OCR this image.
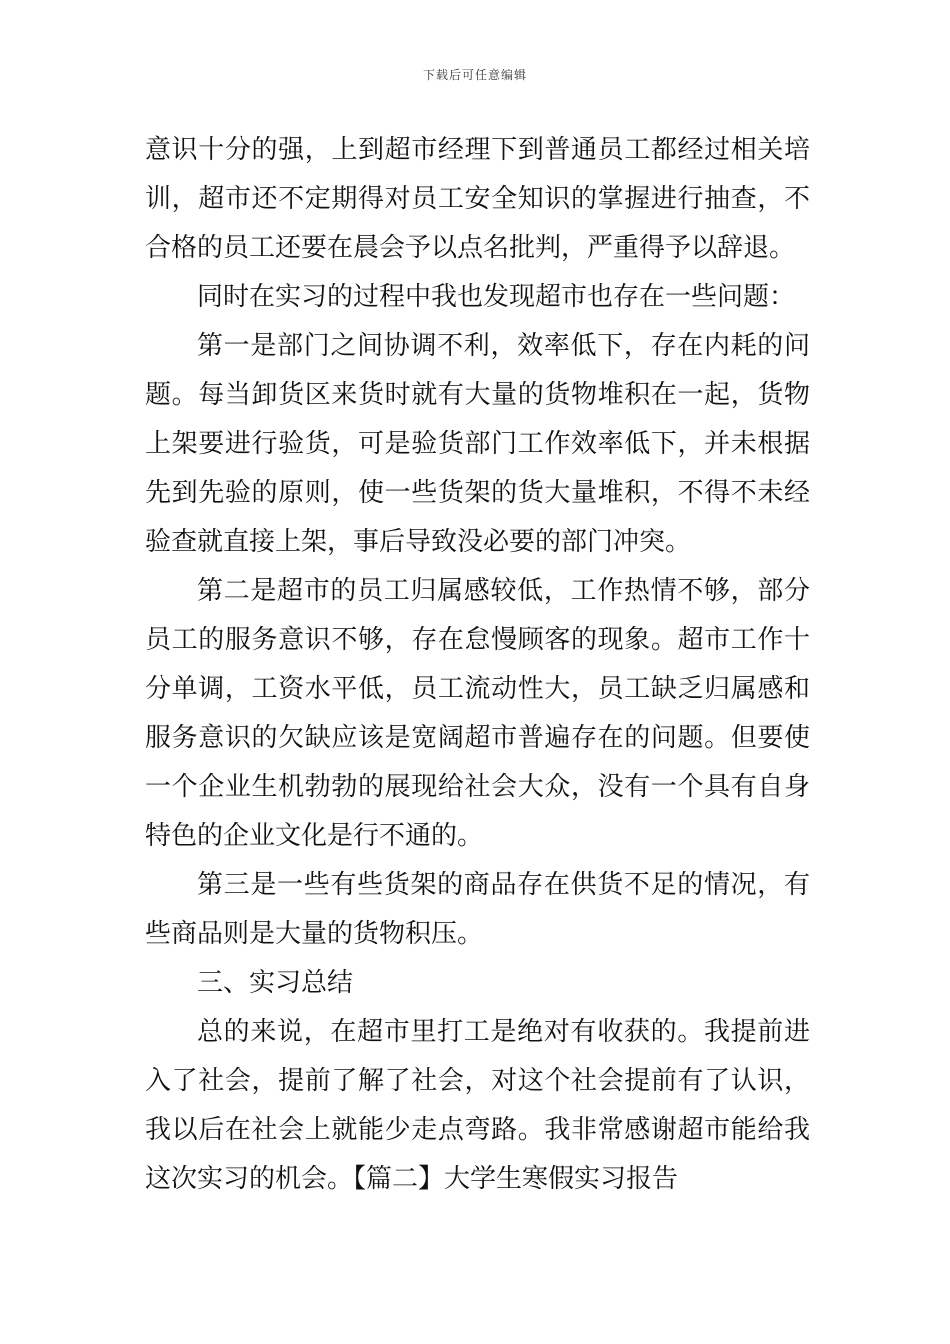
下载后可任意编辑

意识十分的强，上到超市经理下到普通员工都经过相关培训，超市还不定期得对员工安全知识的掌握进行抽查，不合格的员工还要在晨会予以点名批判，严重得予以辞退。

同时在实习的过程中我也发现超市也存在一些问题：

第一是部门之间协调不利，效率低下，存在内耗的问题。每当卸货区来货时就有大量的货物堆积在一起，货物上架要进行验货，可是验货部门工作效率低下，并未根据先到先验的原则，使一些货架的货大量堆积，不得不未经验查就直接上架，事后导致没必要的部门冲突。

第二是超市的员工归属感较低，工作热情不够，部分员工的服务意识不够，存在怠慢顾客的现象。超市工作十分单调，工资水平低，员工流动性大，员工缺乏归属感和服务意识的欠缺应该是宽阔超市普遍存在的问题。但要使一个企业生机勃勃的展现给社会大众，没有一个具有自身特色的企业文化是行不通的。

第三是一些有些货架的商品存在供货不足的情况，有些商品则是大量的货物积压。

三、实习总结

总的来说，在超市里打工是绝对有收获的。我提前进入了社会，提前了解了社会，对这个社会提前有了认识，我以后在社会上就能少走点弯路。我非常感谢超市能给我这次实习的机会。【篇二】大学生寒假实习报告
